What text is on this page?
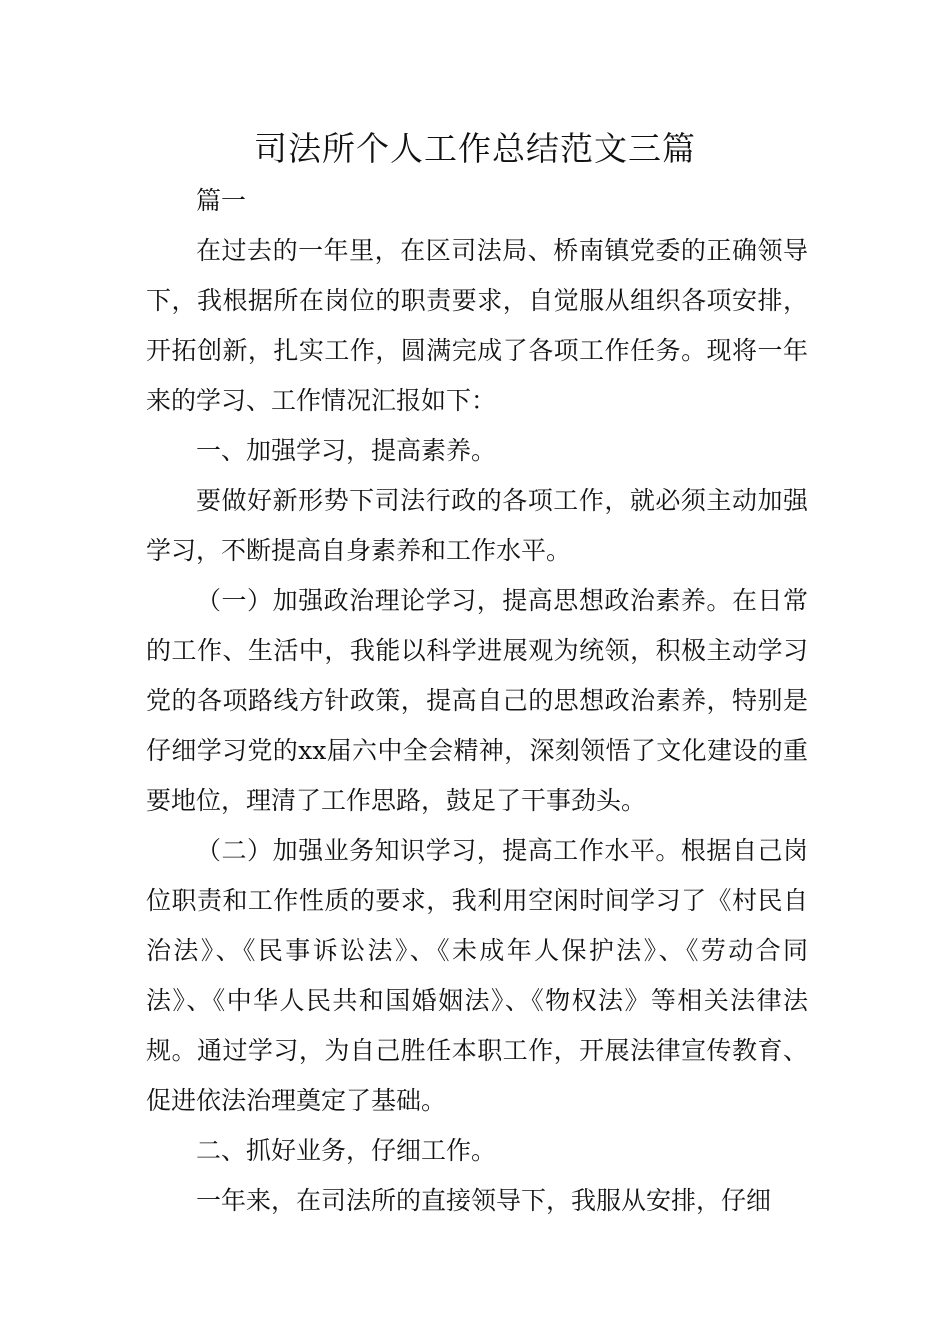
司法所个人工作总结范文三篇

篇一

在过去的一年里，在区司法局、桥南镇党委的正确领导下，我根据所在岗位的职责要求，自觉服从组织各项安排，开拓创新，扎实工作，圆满完成了各项工作任务。现将一年来的学习、工作情况汇报如下：

一、加强学习，提高素养。

要做好新形势下司法行政的各项工作，就必须主动加强学习，不断提高自身素养和工作水平。

（一）加强政治理论学习，提高思想政治素养。在日常的工作、生活中，我能以科学进展观为统领，积极主动学习党的各项路线方针政策，提高自己的思想政治素养，特别是仔细学习党的xx届六中全会精神，深刻领悟了文化建设的重要地位，理清了工作思路，鼓足了干事劲头。

（二）加强业务知识学习，提高工作水平。根据自己岗位职责和工作性质的要求，我利用空闲时间学习了《村民自治法》、《民事诉讼法》、《未成年人保护法》、《劳动合同法》、《中华人民共和国婚姻法》、《物权法》等相关法律法规。通过学习，为自己胜任本职工作，开展法律宣传教育、促进依法治理奠定了基础。

二、抓好业务，仔细工作。

一年来，在司法所的直接领导下，我服从安排，仔细
